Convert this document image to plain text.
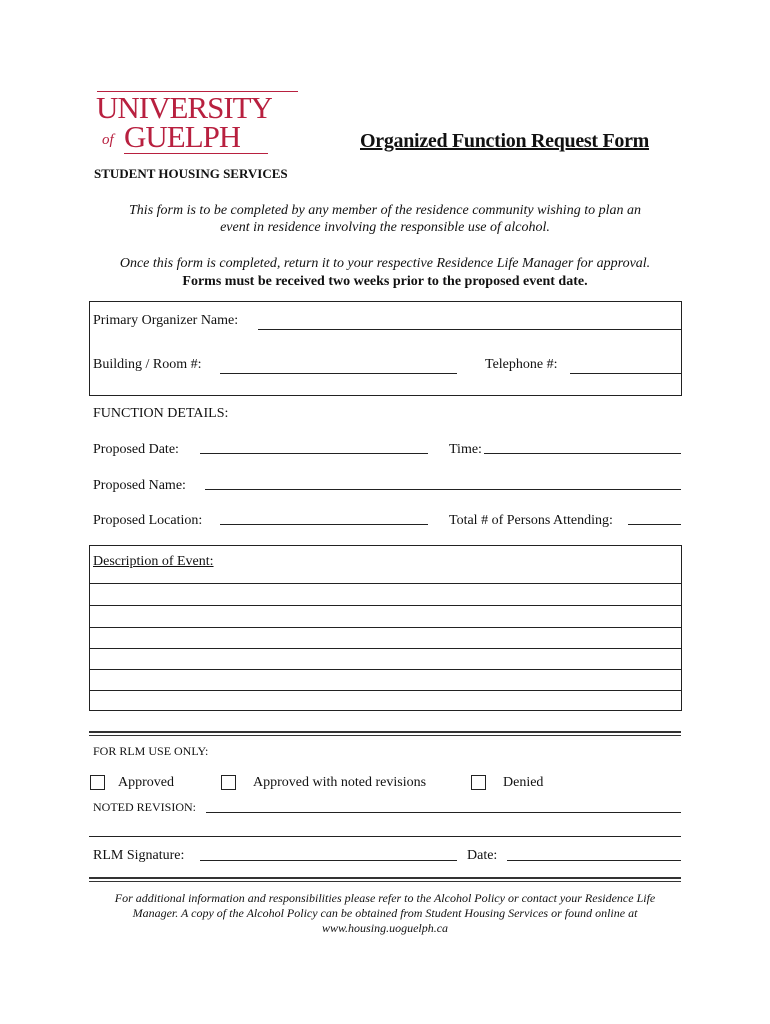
UNIVERSITY
of GUELPH	Organized Function Request Form
STUDENT HOUSING SERVICES
This form is to be completed by any member of the residence community wishing to plan an
event in residence involving the responsible use of alcohol.
Once this form is completed, return it to your respective Residence Life Manager for approval.
Forms must be received two weeks prior to the proposed event date.
Primary Organizer Name:
Building / Room #:	Telephone #:
FUNCTION DETAILS:
Proposed Date:	Time:
Proposed Name:
Proposed Location:	Total # of Persons Attending:
Description of Event:
FOR RLM USE ONLY:
Approved	Approved with noted revisions	Denied
NOTED REVISION:
RLM Signature:	Date:
For additional information and responsibilities please refer to the Alcohol Policy or contact your Residence Life
Manager. A copy of the Alcohol Policy can be obtained from Student Housing Services or found online at
www.housing.uoguelph.ca
